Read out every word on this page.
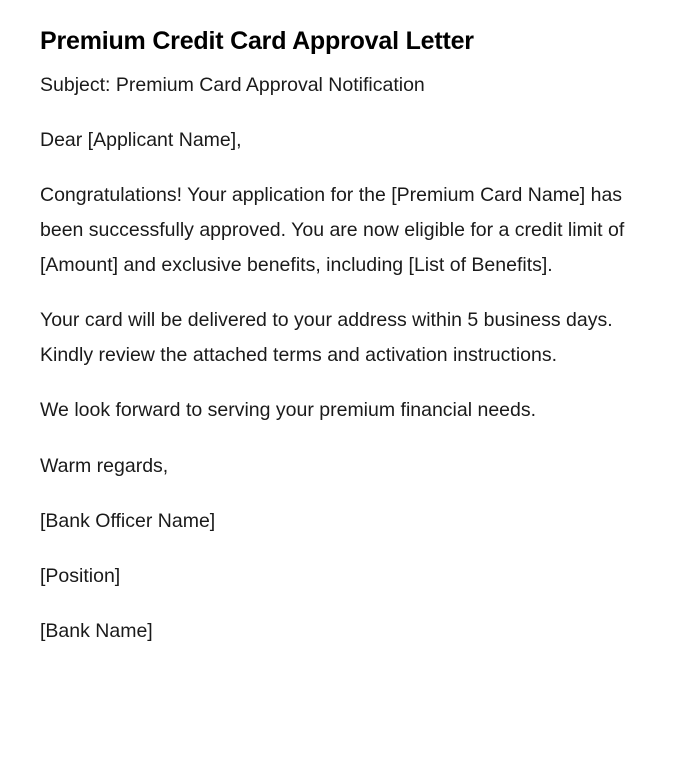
Premium Credit Card Approval Letter

Subject: Premium Card Approval Notification

Dear [Applicant Name],

Congratulations! Your application for the [Premium Card Name] has been successfully approved. You are now eligible for a credit limit of [Amount] and exclusive benefits, including [List of Benefits].

Your card will be delivered to your address within 5 business days. Kindly review the attached terms and activation instructions.

We look forward to serving your premium financial needs.

Warm regards,

[Bank Officer Name]

[Position]

[Bank Name]
